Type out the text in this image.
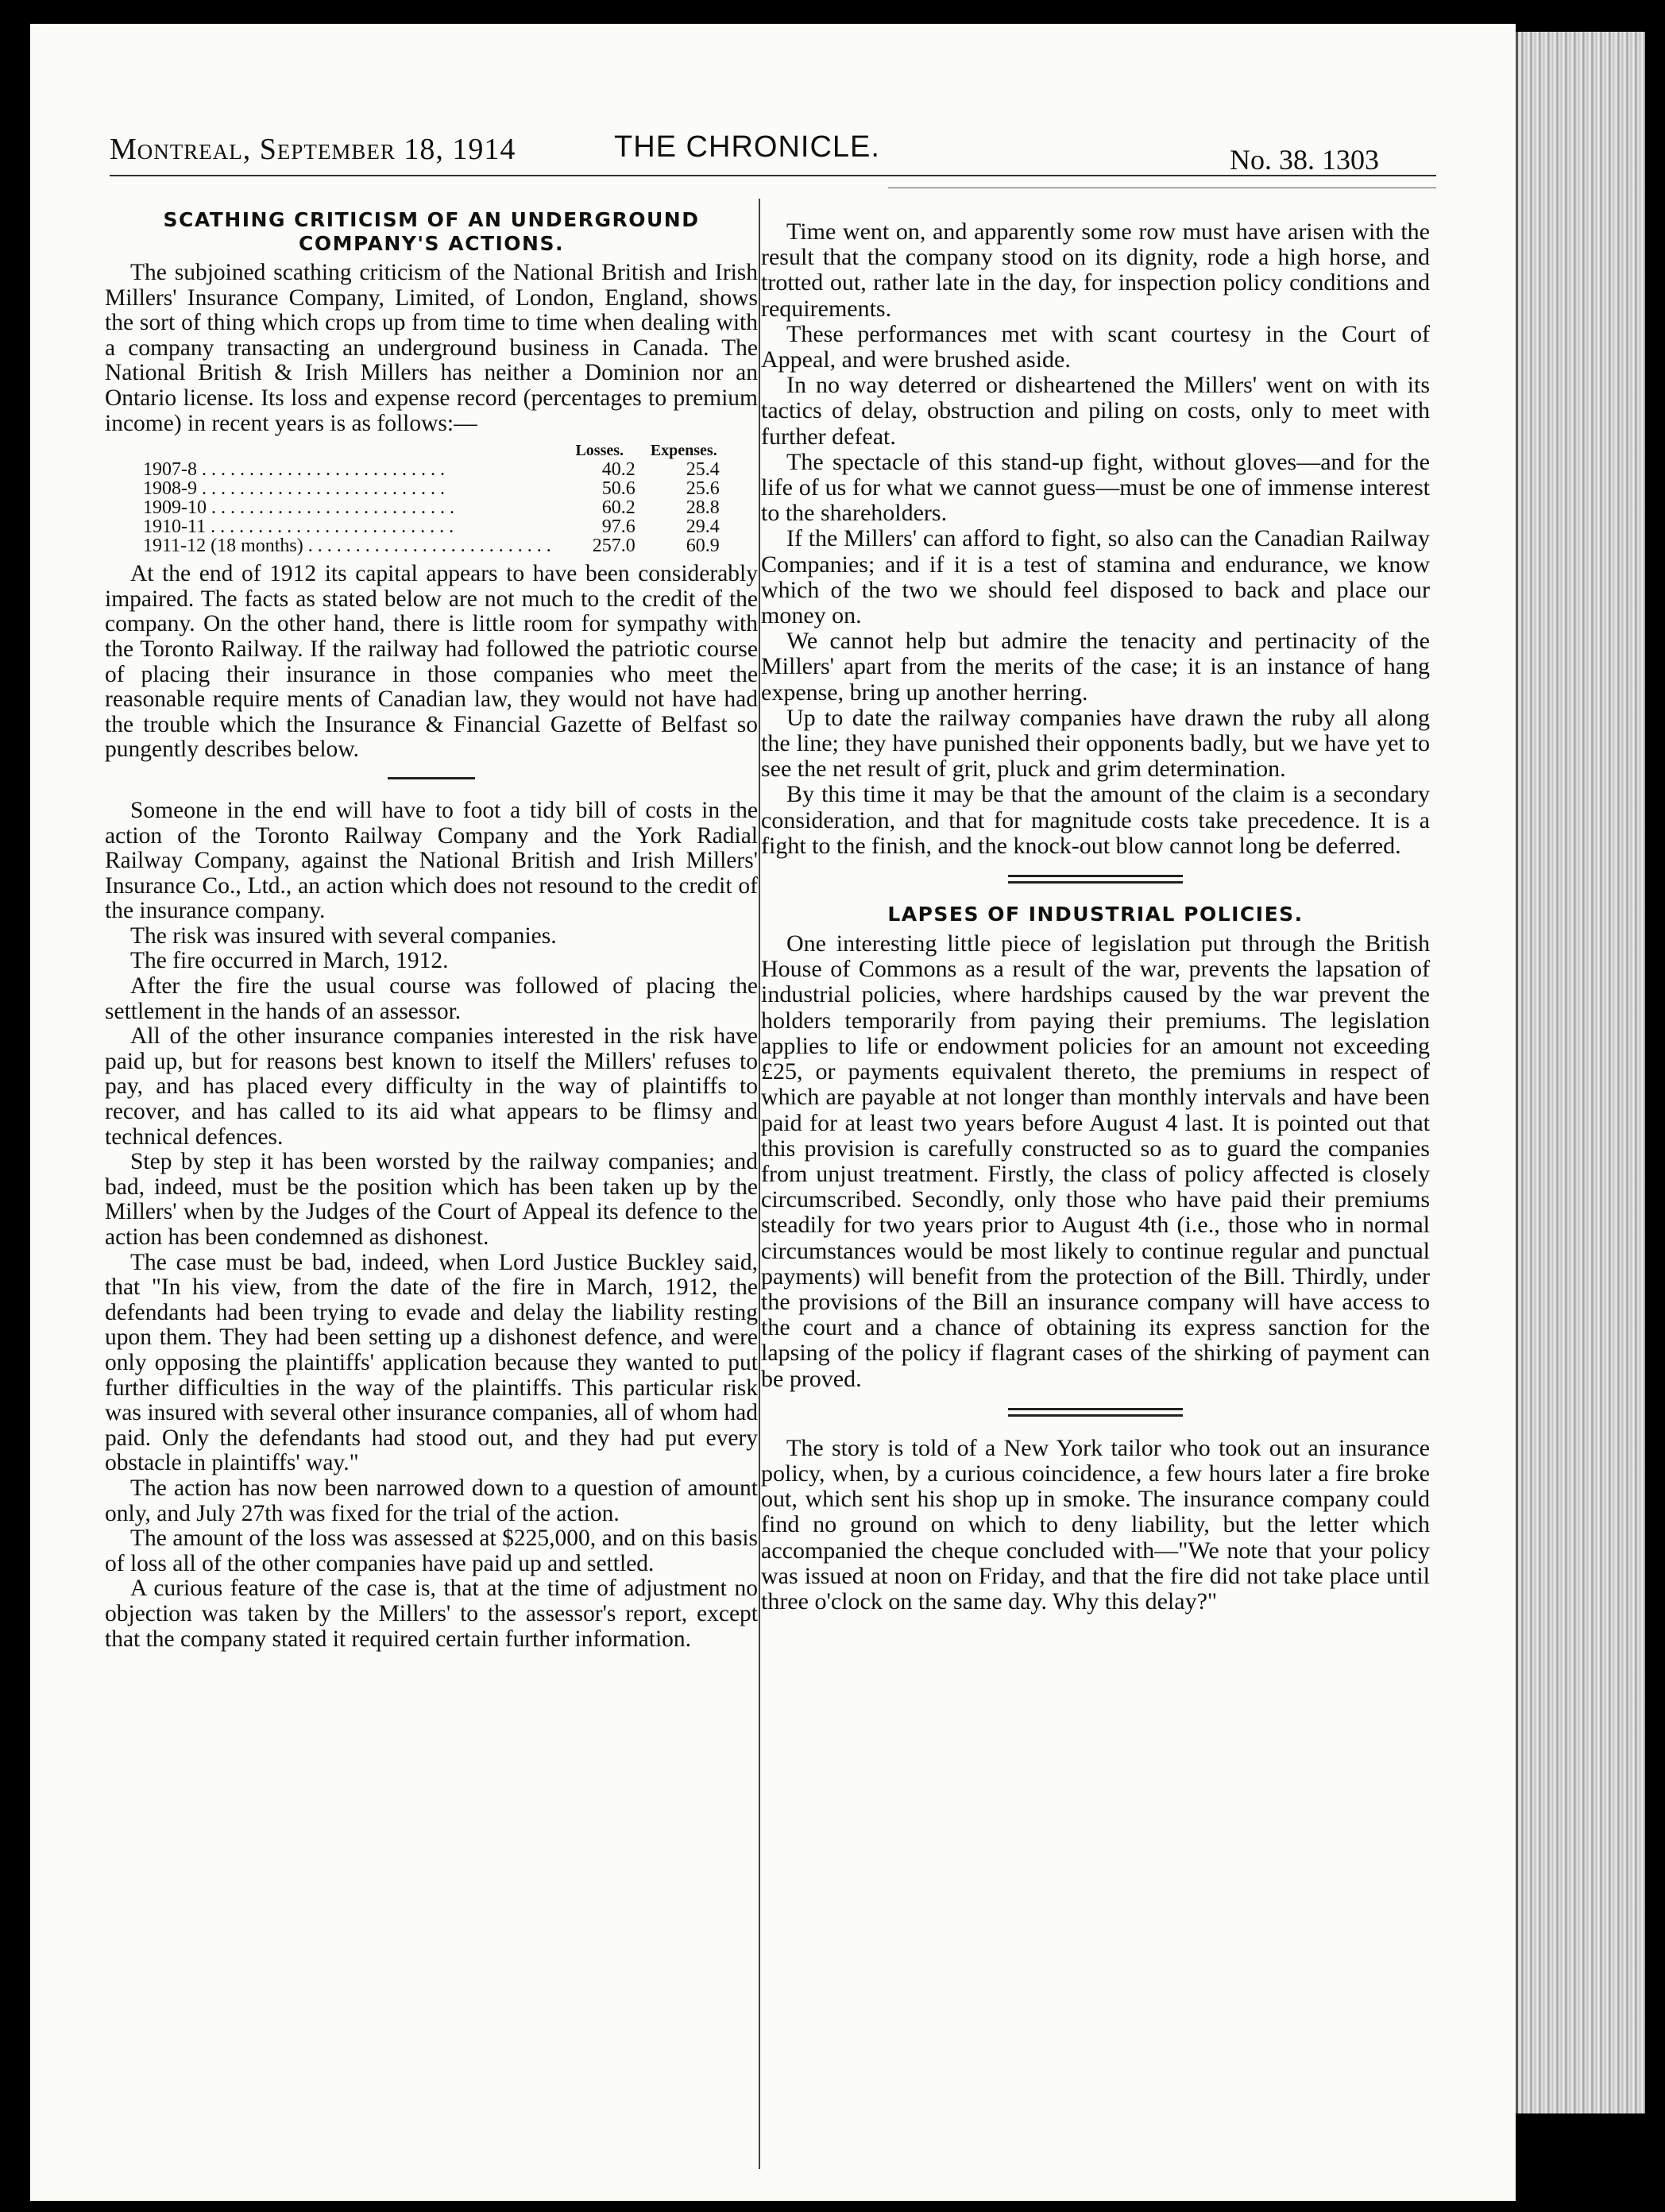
Montreal, September 18, 1914	THE CHRONICLE.	No. 38. 1303
SCATHING CRITICISM OF AN UNDERGROUND
COMPANY'S ACTIONS.

The subjoined scathing criticism of the National British and Irish Millers' Insurance Company, Limited, of London, England, shows the sort of thing which crops up from time to time when dealing with a company transacting an underground business in Canada. The National British & Irish Millers has neither a Dominion nor an Ontario license. Its loss and expense record (percentages to premium income) in recent years is as follows:—

	Losses.	Expenses.
1907-8 . . .	40.2	25.4
1908-9 . . .	50.6	25.6
1909-10 . . .	60.2	28.8
1910-11 . . .	97.6	29.4
1911-12 (18 months) . . .	257.0	60.9

At the end of 1912 its capital appears to have been considerably impaired. The facts as stated below are not much to the credit of the company. On the other hand, there is little room for sympathy with the Toronto Railway. If the railway had followed the patriotic course of placing their insurance in those companies who meet the reasonable require ments of Canadian law, they would not have had the trouble which the Insurance & Financial Gazette of Belfast so pungently describes below.

Someone in the end will have to foot a tidy bill of costs in the action of the Toronto Railway Company and the York Radial Railway Company, against the National British and Irish Millers' Insurance Co., Ltd., an action which does not resound to the credit of the insurance company.

The risk was insured with several companies.

The fire occurred in March, 1912.

After the fire the usual course was followed of placing the settlement in the hands of an assessor.

All of the other insurance companies interested in the risk have paid up, but for reasons best known to itself the Millers' refuses to pay, and has placed every difficulty in the way of plaintiffs to recover, and has called to its aid what appears to be flimsy and technical defences.

Step by step it has been worsted by the railway companies; and bad, indeed, must be the position which has been taken up by the Millers' when by the Judges of the Court of Appeal its defence to the action has been condemned as dishonest.

The case must be bad, indeed, when Lord Justice Buckley said, that "In his view, from the date of the fire in March, 1912, the defendants had been trying to evade and delay the liability resting upon them. They had been setting up a dishonest defence, and were only opposing the plaintiffs' application because they wanted to put further difficulties in the way of the plaintiffs. This particular risk was insured with several other insurance companies, all of whom had paid. Only the defendants had stood out, and they had put every obstacle in plaintiffs' way."

The action has now been narrowed down to a question of amount only, and July 27th was fixed for the trial of the action.

The amount of the loss was assessed at $225,000, and on this basis of loss all of the other companies have paid up and settled.

A curious feature of the case is, that at the time of adjustment no objection was taken by the Millers' to the assessor's report, except that the company stated it required certain further information.

Time went on, and apparently some row must have arisen with the result that the company stood on its dignity, rode a high horse, and trotted out, rather late in the day, for inspection policy conditions and requirements.

These performances met with scant courtesy in the Court of Appeal, and were brushed aside.

In no way deterred or disheartened the Millers' went on with its tactics of delay, obstruction and piling on costs, only to meet with further defeat.

The spectacle of this stand-up fight, without gloves—and for the life of us for what we cannot guess—must be one of immense interest to the shareholders.

If the Millers' can afford to fight, so also can the Canadian Railway Companies; and if it is a test of stamina and endurance, we know which of the two we should feel disposed to back and place our money on.

We cannot help but admire the tenacity and pertinacity of the Millers' apart from the merits of the case; it is an instance of hang expense, bring up another herring.

Up to date the railway companies have drawn the ruby all along the line; they have punished their opponents badly, but we have yet to see the net result of grit, pluck and grim determination.

By this time it may be that the amount of the claim is a secondary consideration, and that for magnitude costs take precedence. It is a fight to the finish, and the knock-out blow cannot long be deferred.

LAPSES OF INDUSTRIAL POLICIES.

One interesting little piece of legislation put through the British House of Commons as a result of the war, prevents the lapsation of industrial policies, where hardships caused by the war prevent the holders temporarily from paying their premiums. The legislation applies to life or endowment policies for an amount not exceeding £25, or payments equivalent thereto, the premiums in respect of which are payable at not longer than monthly intervals and have been paid for at least two years before August 4 last. It is pointed out that this provision is carefully constructed so as to guard the companies from unjust treatment. Firstly, the class of policy affected is closely circumscribed. Secondly, only those who have paid their premiums steadily for two years prior to August 4th (i.e., those who in normal circumstances would be most likely to continue regular and punctual payments) will benefit from the protection of the Bill. Thirdly, under the provisions of the Bill an insurance company will have access to the court and a chance of obtaining its express sanction for the lapsing of the policy if flagrant cases of the shirking of payment can be proved.

The story is told of a New York tailor who took out an insurance policy, when, by a curious coincidence, a few hours later a fire broke out, which sent his shop up in smoke. The insurance company could find no ground on which to deny liability, but the letter which accompanied the cheque concluded with—"We note that your policy was issued at noon on Friday, and that the fire did not take place until three o'clock on the same day. Why this delay?"
